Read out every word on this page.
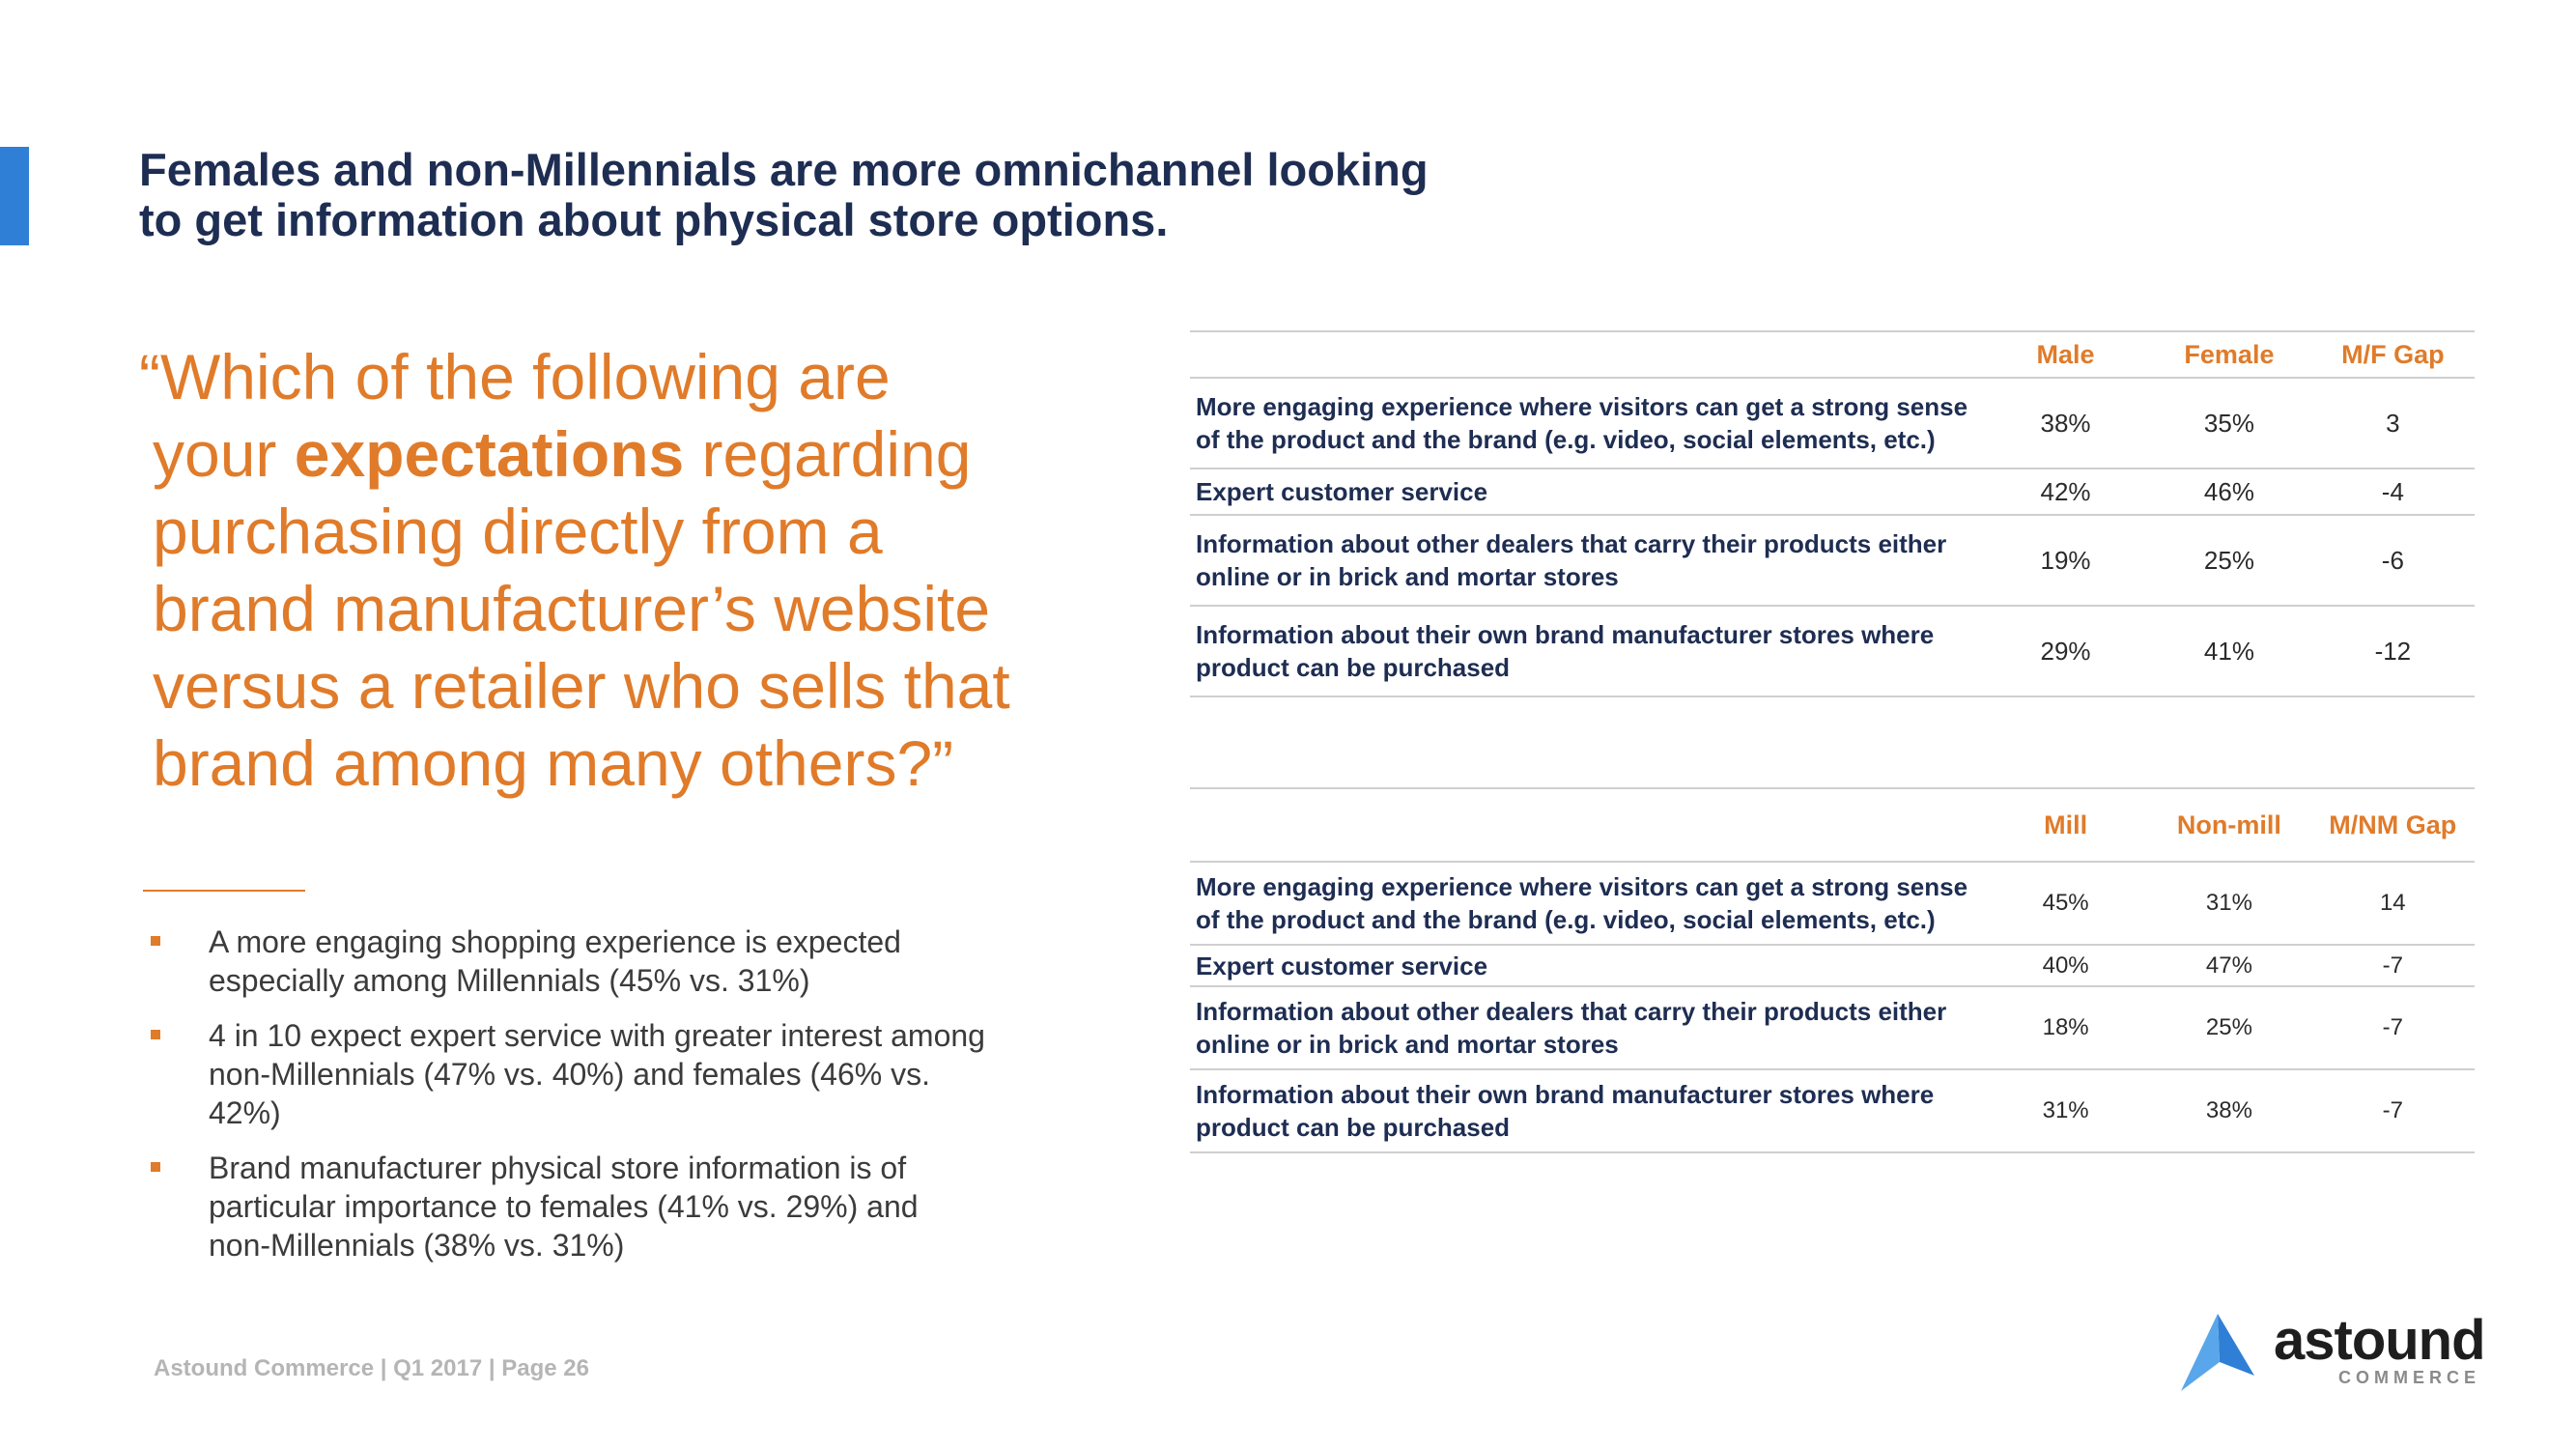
Females and non-Millennials are more omnichannel looking
to get information about physical store options.
“Which of the following are
your expectations regarding
purchasing directly from a
brand manufacturer’s website
versus a retailer who sells that
brand among many others?”
A more engaging shopping experience is expected especially among Millennials (45% vs. 31%)
4 in 10 expect expert service with greater interest among non-Millennials (47% vs. 40%) and females (46% vs. 42%)
Brand manufacturer physical store information is of particular importance to females (41% vs. 29%) and non-Millennials (38% vs. 31%)
	Male	Female	M/F Gap
More engaging experience where visitors can get a strong sense
of the product and the brand (e.g. video, social elements, etc.)	38%	35%	3
Expert customer service	42%	46%	-4
Information about other dealers that carry their products either
online or in brick and mortar stores	19%	25%	-6
Information about their own brand manufacturer stores where
product can be purchased	29%	41%	-12
	Mill	Non-mill	M/NM Gap
More engaging experience where visitors can get a strong sense
of the product and the brand (e.g. video, social elements, etc.)	45%	31%	14
Expert customer service	40%	47%	-7
Information about other dealers that carry their products either
online or in brick and mortar stores	18%	25%	-7
Information about their own brand manufacturer stores where
product can be purchased	31%	38%	-7
Astound Commerce | Q1 2017 | Page 26	astound
COMMERCE
